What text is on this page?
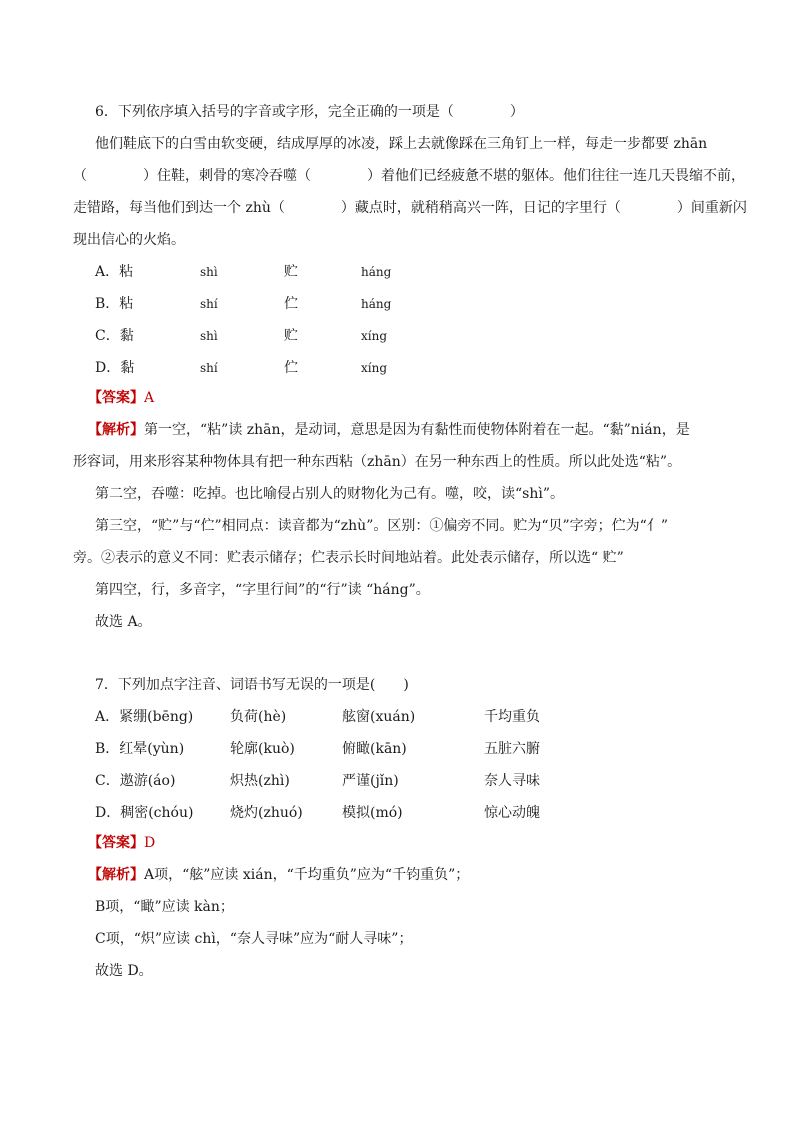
6．下列依序填入括号的字音或字形，完全正确的一项是（　　　　）
他们鞋底下的白雪由软变硬，结成厚厚的冰凌，踩上去就像踩在三角钉上一样，每走一步都要 zhān
（　　　　）住鞋，刺骨的寒冷吞噬（　　　　）着他们已经疲惫不堪的躯体。他们往往一连几天畏缩不前，
走错路，每当他们到达一个 zhù（　　　　）藏点时，就稍稍高兴一阵，日记的字里行（　　　　）间重新闪
现出信心的火焰。
A．粘	shì	贮	háng
B．粘	shí	伫	háng
C．黏	shì	贮	xíng
D．黏	shí	伫	xíng
【答案】A
【解析】第一空，“粘”读 zhān，是动词，意思是因为有黏性而使物体附着在一起。“黏”nián，是
形容词，用来形容某种物体具有把一种东西粘（zhān）在另一种东西上的性质。所以此处选“粘”。
第二空，吞噬：吃掉。也比喻侵占别人的财物化为己有。噬，咬，读“shì”。
第三空，“贮”与“伫”相同点：读音都为“zhù”。区别：①偏旁不同。贮为“贝”字旁；伫为“亻”
旁。②表示的意义不同：贮表示储存；伫表示长时间地站着。此处表示储存，所以选“ 贮”
第四空，行，多音字，“字里行间”的“行”读 “háng”。
故选 A。
7．下列加点字注音、词语书写无误的一项是(　　)
A．紧绷(bēng)	负荷(hè)	舷窗(xuán)	千均重负
B．红晕(yùn)	轮廓(kuò)	俯瞰(kān)	五脏六腑
C．遨游(áo)	炽热(zhì)	严谨(jǐn)	奈人寻味
D．稠密(chóu)	烧灼(zhuó)	模拟(mó)	惊心动魄
【答案】D
【解析】A项，“舷”应读 xián，“千均重负”应为“千钧重负”；
B项，“瞰”应读 kàn；
C项，“炽”应读 chì，“奈人寻味”应为“耐人寻味”；
故选 D。
